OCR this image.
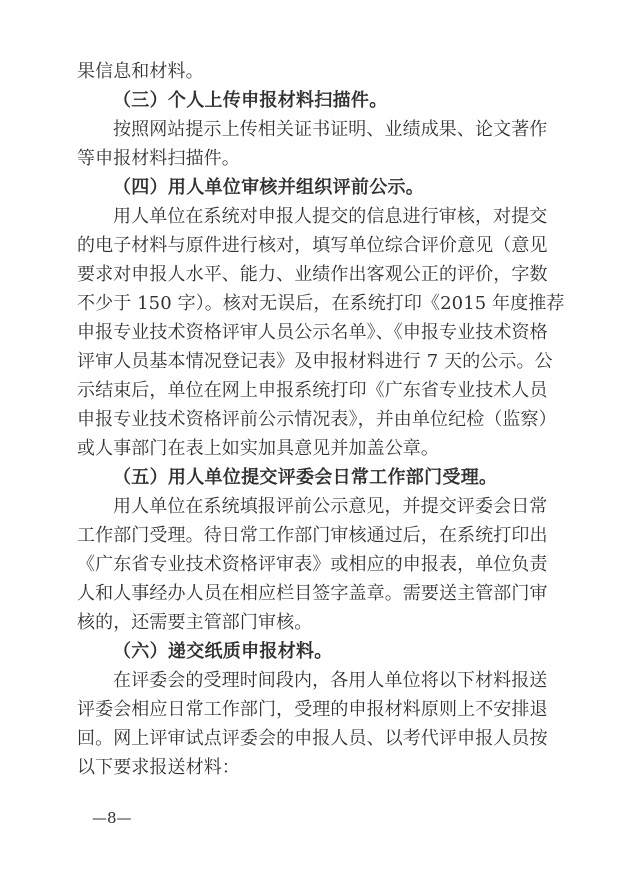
果信息和材料。
（三）个人上传申报材料扫描件。
按照网站提示上传相关证书证明、业绩成果、论文著作
等申报材料扫描件。
（四）用人单位审核并组织评前公示。
用人单位在系统对申报人提交的信息进行审核，对提交
的电子材料与原件进行核对，填写单位综合评价意见（意见
要求对申报人水平、能力、业绩作出客观公正的评价，字数
不少于 150 字）。核对无误后，在系统打印《2015 年度推荐
申报专业技术资格评审人员公示名单》、《申报专业技术资格
评审人员基本情况登记表》及申报材料进行 7 天的公示。公
示结束后，单位在网上申报系统打印《广东省专业技术人员
申报专业技术资格评前公示情况表》，并由单位纪检（监察）
或人事部门在表上如实加具意见并加盖公章。
（五）用人单位提交评委会日常工作部门受理。
用人单位在系统填报评前公示意见，并提交评委会日常
工作部门受理。待日常工作部门审核通过后，在系统打印出
《广东省专业技术资格评审表》或相应的申报表，单位负责
人和人事经办人员在相应栏目签字盖章。需要送主管部门审
核的，还需要主管部门审核。
（六）递交纸质申报材料。
在评委会的受理时间段内，各用人单位将以下材料报送
评委会相应日常工作部门，受理的申报材料原则上不安排退
回。网上评审试点评委会的申报人员、以考代评申报人员按
以下要求报送材料：
—8—
